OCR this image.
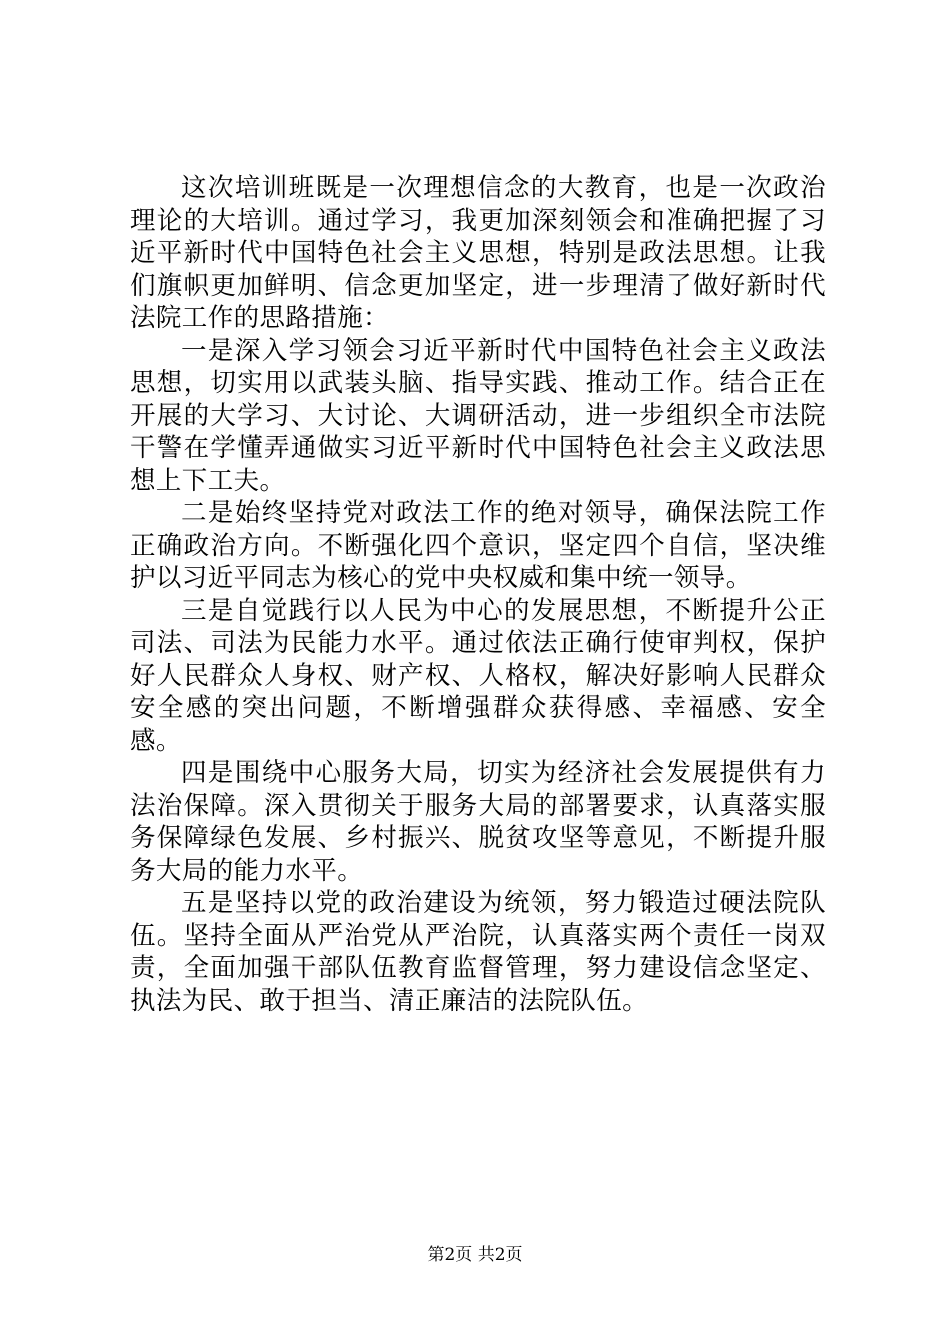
这次培训班既是一次理想信念的大教育，也是一次政治理论的大培训。通过学习，我更加深刻领会和准确把握了习近平新时代中国特色社会主义思想，特别是政法思想。让我们旗帜更加鲜明、信念更加坚定，进一步理清了做好新时代法院工作的思路措施：

一是深入学习领会习近平新时代中国特色社会主义政法思想，切实用以武装头脑、指导实践、推动工作。结合正在开展的大学习、大讨论、大调研活动，进一步组织全市法院干警在学懂弄通做实习近平新时代中国特色社会主义政法思想上下工夫。

二是始终坚持党对政法工作的绝对领导，确保法院工作正确政治方向。不断强化四个意识，坚定四个自信，坚决维护以习近平同志为核心的党中央权威和集中统一领导。

三是自觉践行以人民为中心的发展思想，不断提升公正司法、司法为民能力水平。通过依法正确行使审判权，保护好人民群众人身权、财产权、人格权，解决好影响人民群众安全感的突出问题，不断增强群众获得感、幸福感、安全感。

四是围绕中心服务大局，切实为经济社会发展提供有力法治保障。深入贯彻关于服务大局的部署要求，认真落实服务保障绿色发展、乡村振兴、脱贫攻坚等意见，不断提升服务大局的能力水平。

五是坚持以党的政治建设为统领，努力锻造过硬法院队伍。坚持全面从严治党从严治院，认真落实两个责任一岗双责，全面加强干部队伍教育监督管理，努力建设信念坚定、执法为民、敢于担当、清正廉洁的法院队伍。

第2页 共2页
